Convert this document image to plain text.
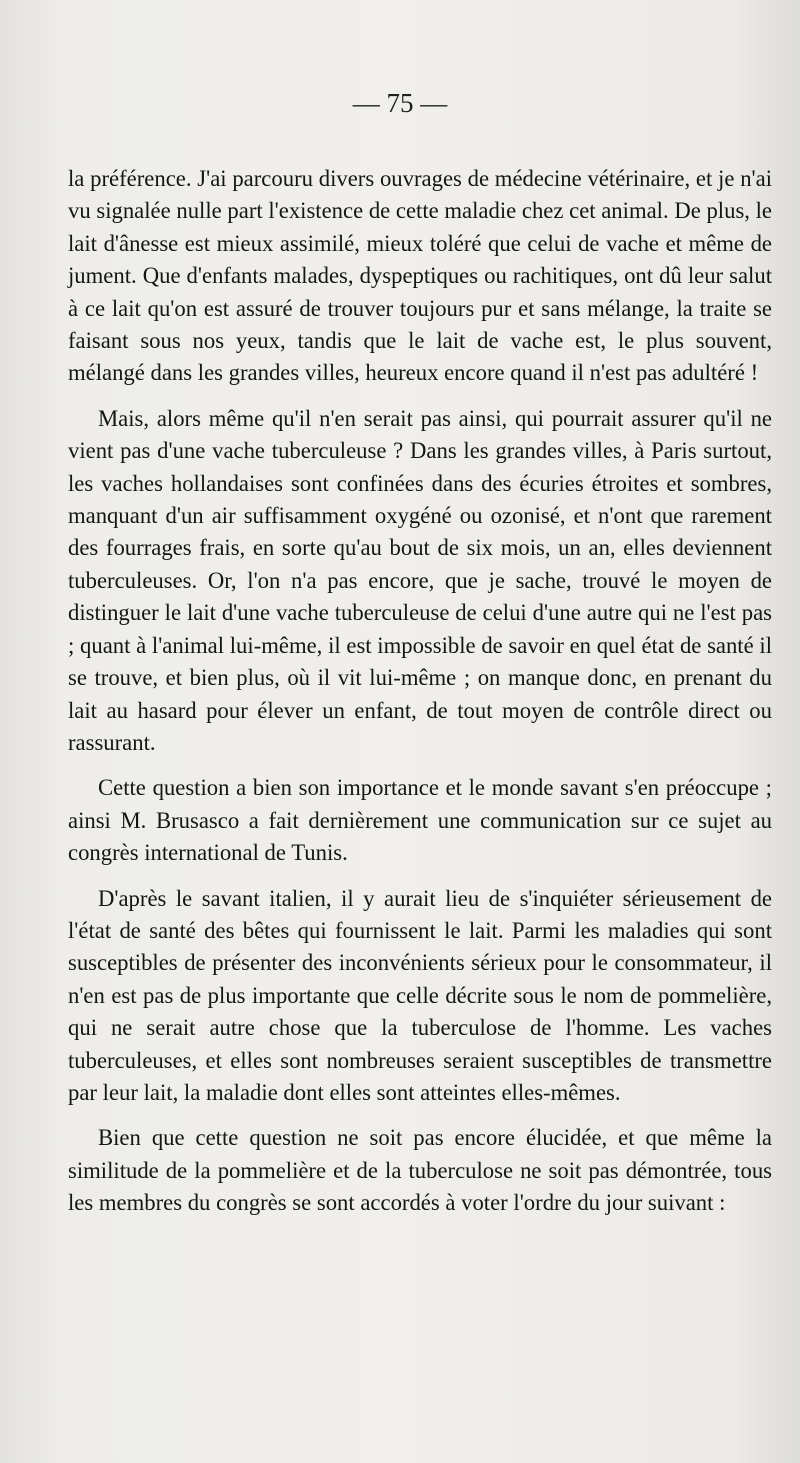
— 75 —

la préférence. J'ai parcouru divers ouvrages de médecine vétérinaire, et je n'ai vu signalée nulle part l'existence de cette maladie chez cet animal. De plus, le lait d'ânesse est mieux assimilé, mieux toléré que celui de vache et même de jument. Que d'enfants malades, dyspeptiques ou rachitiques, ont dû leur salut à ce lait qu'on est assuré de trouver toujours pur et sans mélange, la traite se faisant sous nos yeux, tandis que le lait de vache est, le plus souvent, mélangé dans les grandes villes, heureux encore quand il n'est pas adultéré !

Mais, alors même qu'il n'en serait pas ainsi, qui pourrait assurer qu'il ne vient pas d'une vache tuberculeuse ? Dans les grandes villes, à Paris surtout, les vaches hollandaises sont confinées dans des écuries étroites et sombres, manquant d'un air suffisamment oxygéné ou ozonisé, et n'ont que rarement des fourrages frais, en sorte qu'au bout de six mois, un an, elles deviennent tuberculeuses. Or, l'on n'a pas encore, que je sache, trouvé le moyen de distinguer le lait d'une vache tuberculeuse de celui d'une autre qui ne l'est pas ; quant à l'animal lui-même, il est impossible de savoir en quel état de santé il se trouve, et bien plus, où il vit lui-même ; on manque donc, en prenant du lait au hasard pour élever un enfant, de tout moyen de contrôle direct ou rassurant.

Cette question a bien son importance et le monde savant s'en préoccupe ; ainsi M. Brusasco a fait dernièrement une communication sur ce sujet au congrès international de Tunis.

D'après le savant italien, il y aurait lieu de s'inquiéter sérieusement de l'état de santé des bêtes qui fournissent le lait. Parmi les maladies qui sont susceptibles de présenter des inconvénients sérieux pour le consommateur, il n'en est pas de plus importante que celle décrite sous le nom de pommelière, qui ne serait autre chose que la tuberculose de l'homme. Les vaches tuberculeuses, et elles sont nombreuses seraient susceptibles de transmettre par leur lait, la maladie dont elles sont atteintes elles-mêmes.

Bien que cette question ne soit pas encore élucidée, et que même la similitude de la pommelière et de la tuberculose ne soit pas démontrée, tous les membres du congrès se sont accordés à voter l'ordre du jour suivant :
